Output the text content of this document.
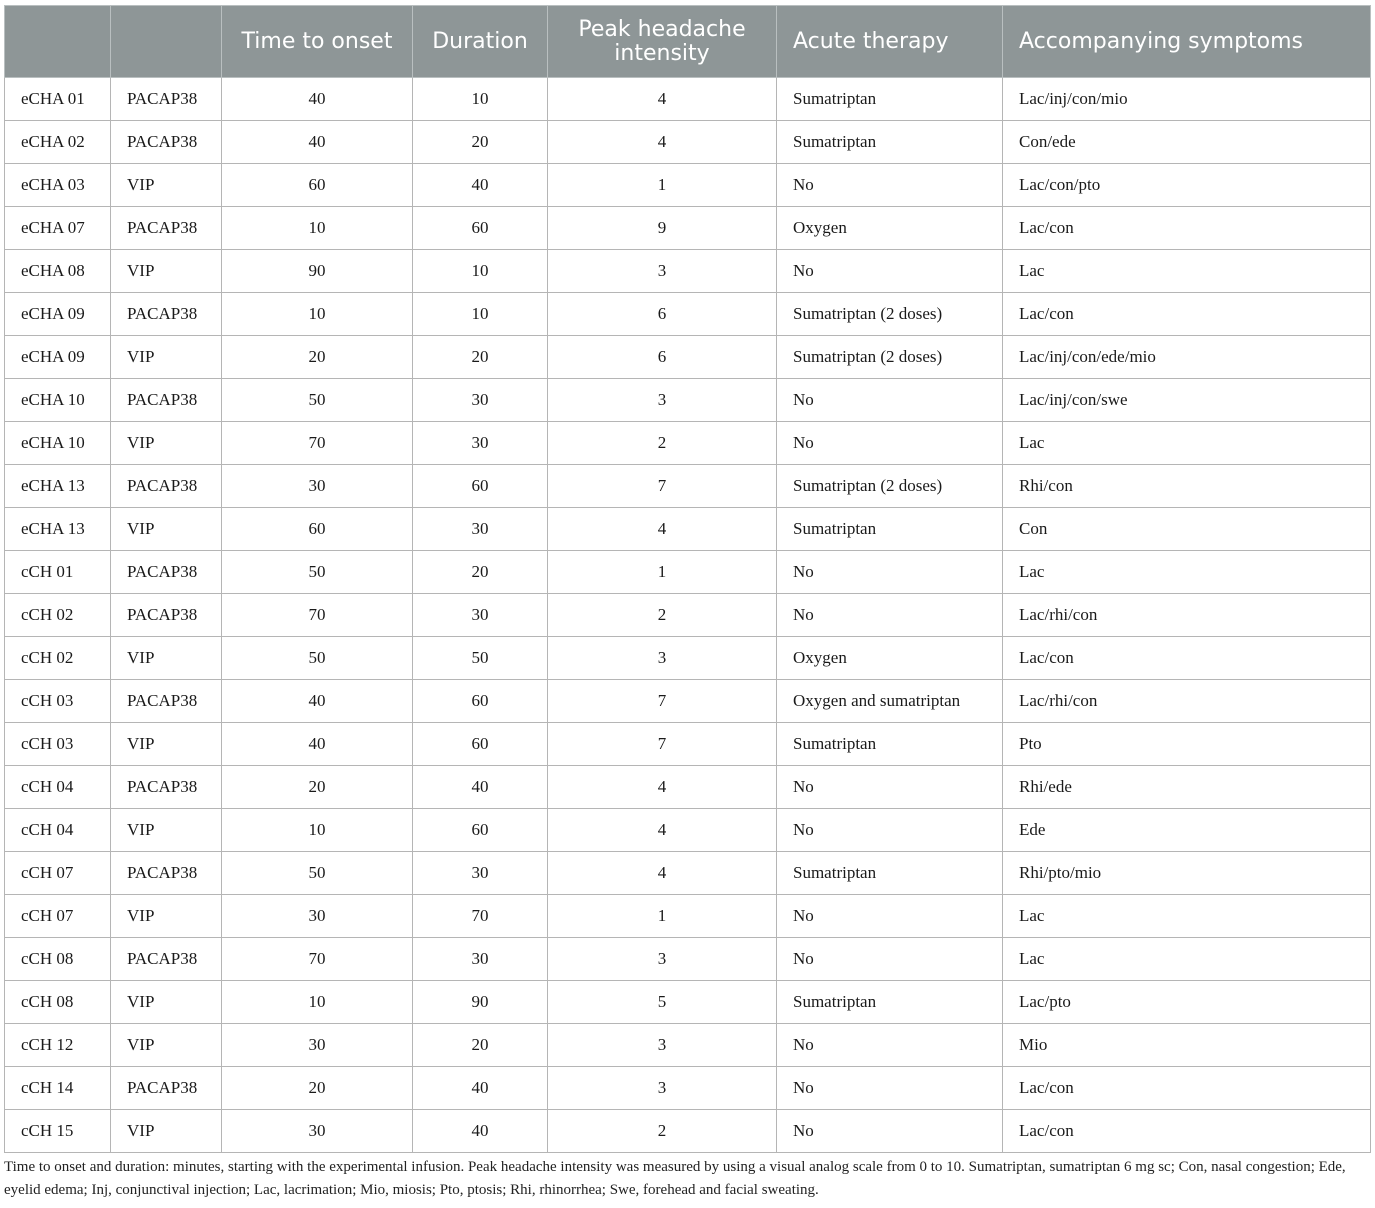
		Time to onset	Duration	Peak headache intensity	Acute therapy	Accompanying symptoms
eCHA 01	PACAP38	40	10	4	Sumatriptan	Lac/inj/con/mio
eCHA 02	PACAP38	40	20	4	Sumatriptan	Con/ede
eCHA 03	VIP	60	40	1	No	Lac/con/pto
eCHA 07	PACAP38	10	60	9	Oxygen	Lac/con
eCHA 08	VIP	90	10	3	No	Lac
eCHA 09	PACAP38	10	10	6	Sumatriptan (2 doses)	Lac/con
eCHA 09	VIP	20	20	6	Sumatriptan (2 doses)	Lac/inj/con/ede/mio
eCHA 10	PACAP38	50	30	3	No	Lac/inj/con/swe
eCHA 10	VIP	70	30	2	No	Lac
eCHA 13	PACAP38	30	60	7	Sumatriptan (2 doses)	Rhi/con
eCHA 13	VIP	60	30	4	Sumatriptan	Con
cCH 01	PACAP38	50	20	1	No	Lac
cCH 02	PACAP38	70	30	2	No	Lac/rhi/con
cCH 02	VIP	50	50	3	Oxygen	Lac/con
cCH 03	PACAP38	40	60	7	Oxygen and sumatriptan	Lac/rhi/con
cCH 03	VIP	40	60	7	Sumatriptan	Pto
cCH 04	PACAP38	20	40	4	No	Rhi/ede
cCH 04	VIP	10	60	4	No	Ede
cCH 07	PACAP38	50	30	4	Sumatriptan	Rhi/pto/mio
cCH 07	VIP	30	70	1	No	Lac
cCH 08	PACAP38	70	30	3	No	Lac
cCH 08	VIP	10	90	5	Sumatriptan	Lac/pto
cCH 12	VIP	30	20	3	No	Mio
cCH 14	PACAP38	20	40	3	No	Lac/con
cCH 15	VIP	30	40	2	No	Lac/con
Time to onset and duration: minutes, starting with the experimental infusion. Peak headache intensity was measured by using a visual analog scale from 0 to 10. Sumatriptan, sumatriptan 6 mg sc; Con, nasal congestion; Ede, eyelid edema; Inj, conjunctival injection; Lac, lacrimation; Mio, miosis; Pto, ptosis; Rhi, rhinorrhea; Swe, forehead and facial sweating.
